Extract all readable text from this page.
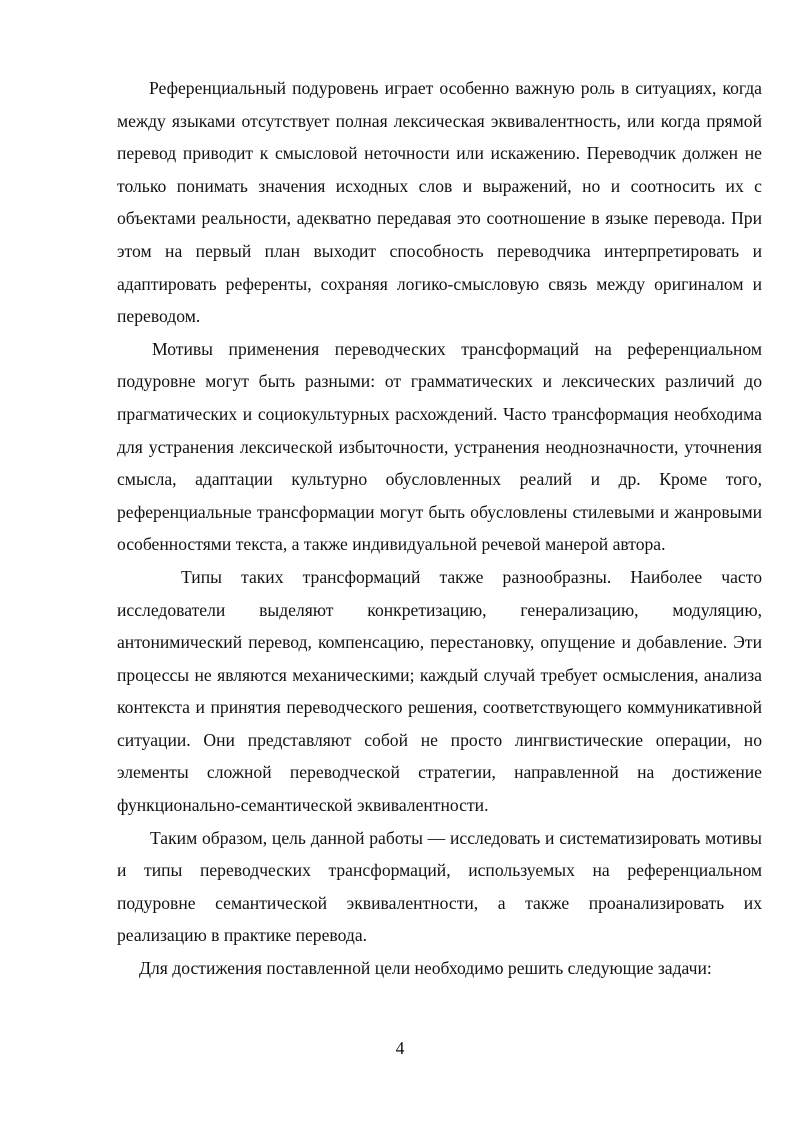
Референциальный подуровень играет особенно важную роль в ситуациях, когда между языками отсутствует полная лексическая эквивалентность, или когда прямой перевод приводит к смысловой неточности или искажению. Переводчик должен не только понимать значения исходных слов и выражений, но и соотносить их с объектами реальности, адекватно передавая это соотношение в языке перевода. При этом на первый план выходит способность переводчика интерпретировать и адаптировать референты, сохраняя логико-смысловую связь между оригиналом и переводом.

Мотивы применения переводческих трансформаций на референциальном подуровне могут быть разными: от грамматических и лексических различий до прагматических и социокультурных расхождений. Часто трансформация необходима для устранения лексической избыточности, устранения неоднозначности, уточнения смысла, адаптации культурно обусловленных реалий и др. Кроме того, референциальные трансформации могут быть обусловлены стилевыми и жанровыми особенностями текста, а также индивидуальной речевой манерой автора.

Типы таких трансформаций также разнообразны. Наиболее часто исследователи выделяют конкретизацию, генерализацию, модуляцию, антонимический перевод, компенсацию, перестановку, опущение и добавление. Эти процессы не являются механическими; каждый случай требует осмысления, анализа контекста и принятия переводческого решения, соответствующего коммуникативной ситуации. Они представляют собой не просто лингвистические операции, но элементы сложной переводческой стратегии, направленной на достижение функционально-семантической эквивалентности.

Таким образом, цель данной работы — исследовать и систематизировать мотивы и типы переводческих трансформаций, используемых на референциальном подуровне семантической эквивалентности, а также проанализировать их реализацию в практике перевода.

Для достижения поставленной цели необходимо решить следующие задачи:

4
